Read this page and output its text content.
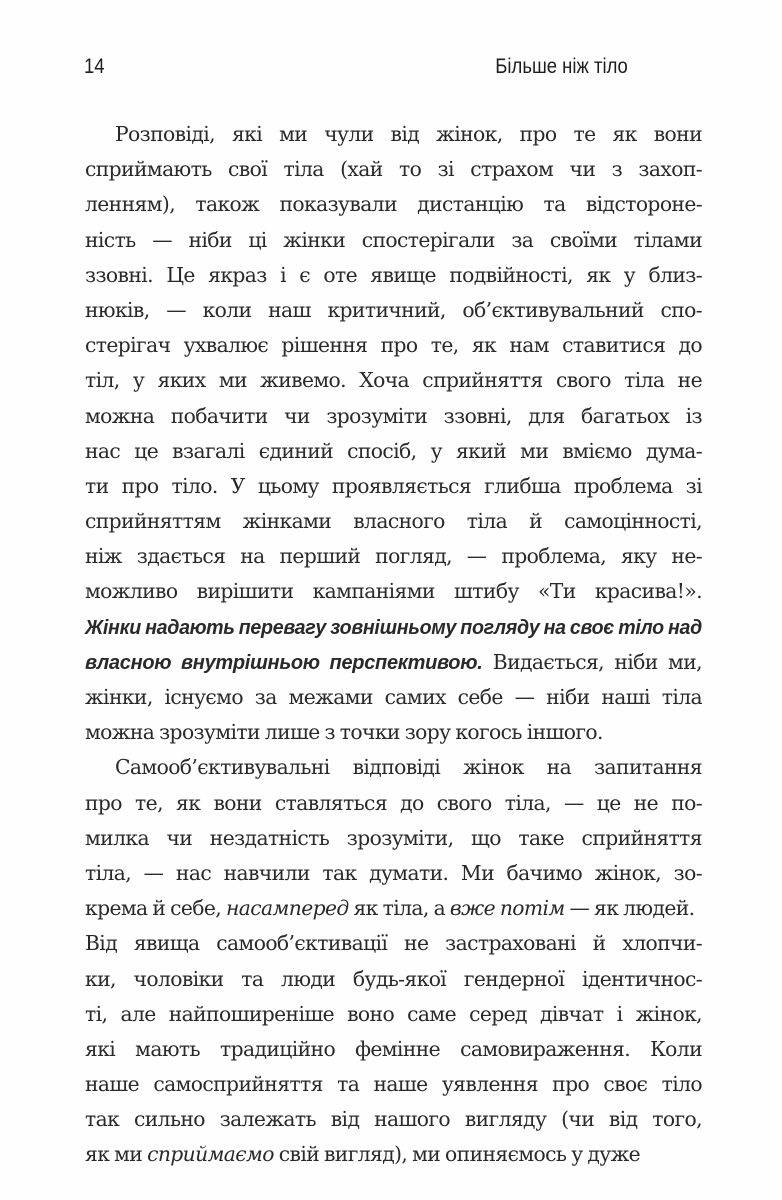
14	Більше ніж тіло
Розповіді, які ми чули від жінок, про те як вони
сприймають свої тіла (хай то зі страхом чи з захоп-
ленням), також показували дистанцію та відстороне-
ність — ніби ці жінки спостерігали за своїми тілами
ззовні. Це якраз і є оте явище подвійності, як у близ-
нюків, — коли наш критичний, об’єктивувальний спо-
стерігач ухвалює рішення про те, як нам ставитися до
тіл, у яких ми живемо. Хоча сприйняття свого тіла не
можна побачити чи зрозуміти ззовні, для багатьох із
нас це взагалі єдиний спосіб, у який ми вміємо дума-
ти про тіло. У цьому проявляється глибша проблема зі
сприйняттям жінками власного тіла й самоцінності,
ніж здається на перший погляд, — проблема, яку не-
можливо вирішити кампаніями штибу «Ти красива!».
Жінки надають перевагу зовнішньому погляду на своє тіло над
власною внутрішньою перспективою. Видається, ніби ми,
жінки, існуємо за межами самих себе — ніби наші тіла
можна зрозуміти лише з точки зору когось іншого.
Самооб’єктивувальні відповіді жінок на запитання
про те, як вони ставляться до свого тіла, — це не по-
милка чи нездатність зрозуміти, що таке сприйняття
тіла, — нас навчили так думати. Ми бачимо жінок, зо-
крема й себе, насамперед як тіла, а вже потім — як людей.
Від явища самооб’єктивації не застраховані й хлопчи-
ки, чоловіки та люди будь-якої гендерної ідентичнос-
ті, але найпоширеніше воно саме серед дівчат і жінок,
які мають традиційно фемінне самовираження. Коли
наше самосприйняття та наше уявлення про своє тіло
так сильно залежать від нашого вигляду (чи від того,
як ми сприймаємо свій вигляд), ми опиняємось у дуже
